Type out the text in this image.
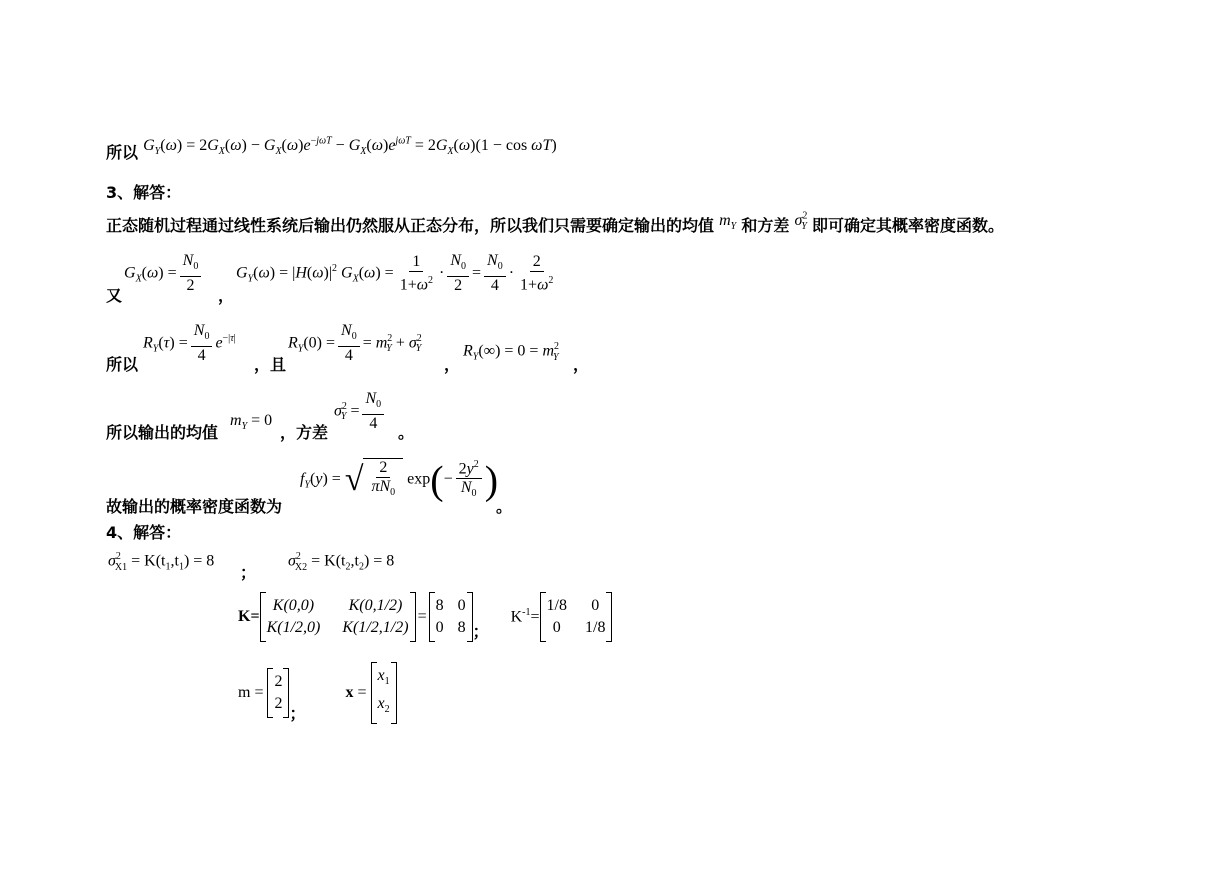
所以 $G_Y(\omega) = 2G_X(\omega) - G_X(\omega)e^{-j\omega T} - G_X(\omega)e^{j\omega T} = 2G_X(\omega)(1 - \cos \omega T)$
3、解答：
正态随机过程通过线性系统后输出仍然服从正态分布，所以我们只需要确定输出的均值 $m_Y$ 和方差 $\sigma^2_Y$ 即可确定其概率密度函数。
又
$G_X(\omega) = \frac{N_0}{2}$
，
$G_Y(\omega) = |H(\omega)|^2$ $G_X(\omega) = \frac{1}{1+\omega^2} \cdot \frac{N_0}{2} = \frac{N_0}{4} \cdot \frac{2}{1+\omega^2}$
所以
$R_Y(\tau) = \frac{N_0}{4} e^{-|\tau|}$
，且
$R_Y(0) = \frac{N_0}{4} = m^2_Y + \sigma^2_Y$
，
$R_Y(\infty) = 0 = m^2_Y$ ，
所以输出的均值
$m_Y = 0$
，方差
$\sigma^2_Y = \frac{N_0}{4}$ 。
故输出的概率密度函数为
$f_Y(y)$ = √ $\frac{2}{\pi N_0} \exp(- \frac{2y^2}{N_0}$ )
。
4、解答：
$\sigma^2_{X1} = K(t_1,t_1) = 8$
；
$\sigma^2_{X2} = K(t_2,t_2) = 8$
K=
K(0,0)	K(0,1/2)
K(1/2,0) K(1/2,1/2)
=
8 0
0 8 ；
$K^{-1}=$
1/8	0
0	1/8
m =
2
2
；
x =
$x_1$
$x_2$
